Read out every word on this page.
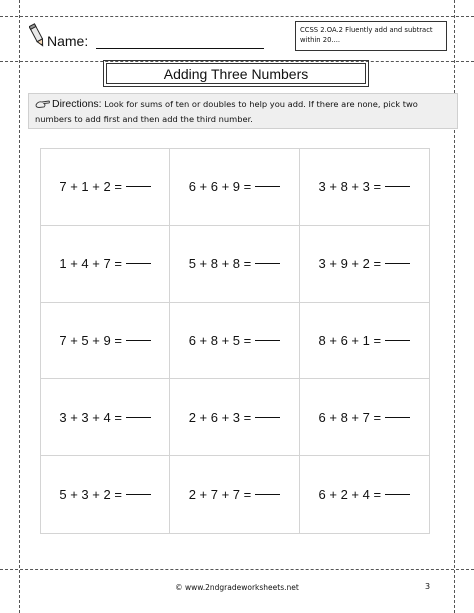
Name:
CCSS 2.OA.2 Fluently add and subtract within 20....
Adding Three Numbers
Directions: Look for sums of ten or doubles to help you add. If there are none, pick two numbers to add first and then add the third number.
7 + 1 + 2 =	6 + 6 + 9 =	3 + 8 + 3 =
1 + 4 + 7 =	5 + 8 + 8 =	3 + 9 + 2 =
7 + 5 + 9 =	6 + 8 + 5 =	8 + 6 + 1 =
3 + 3 + 4 =	2 + 6 + 3 =	6 + 8 + 7 =
5 + 3 + 2 =	2 + 7 + 7 =	6 + 2 + 4 =
© www.2ndgradeworksheets.net	3
